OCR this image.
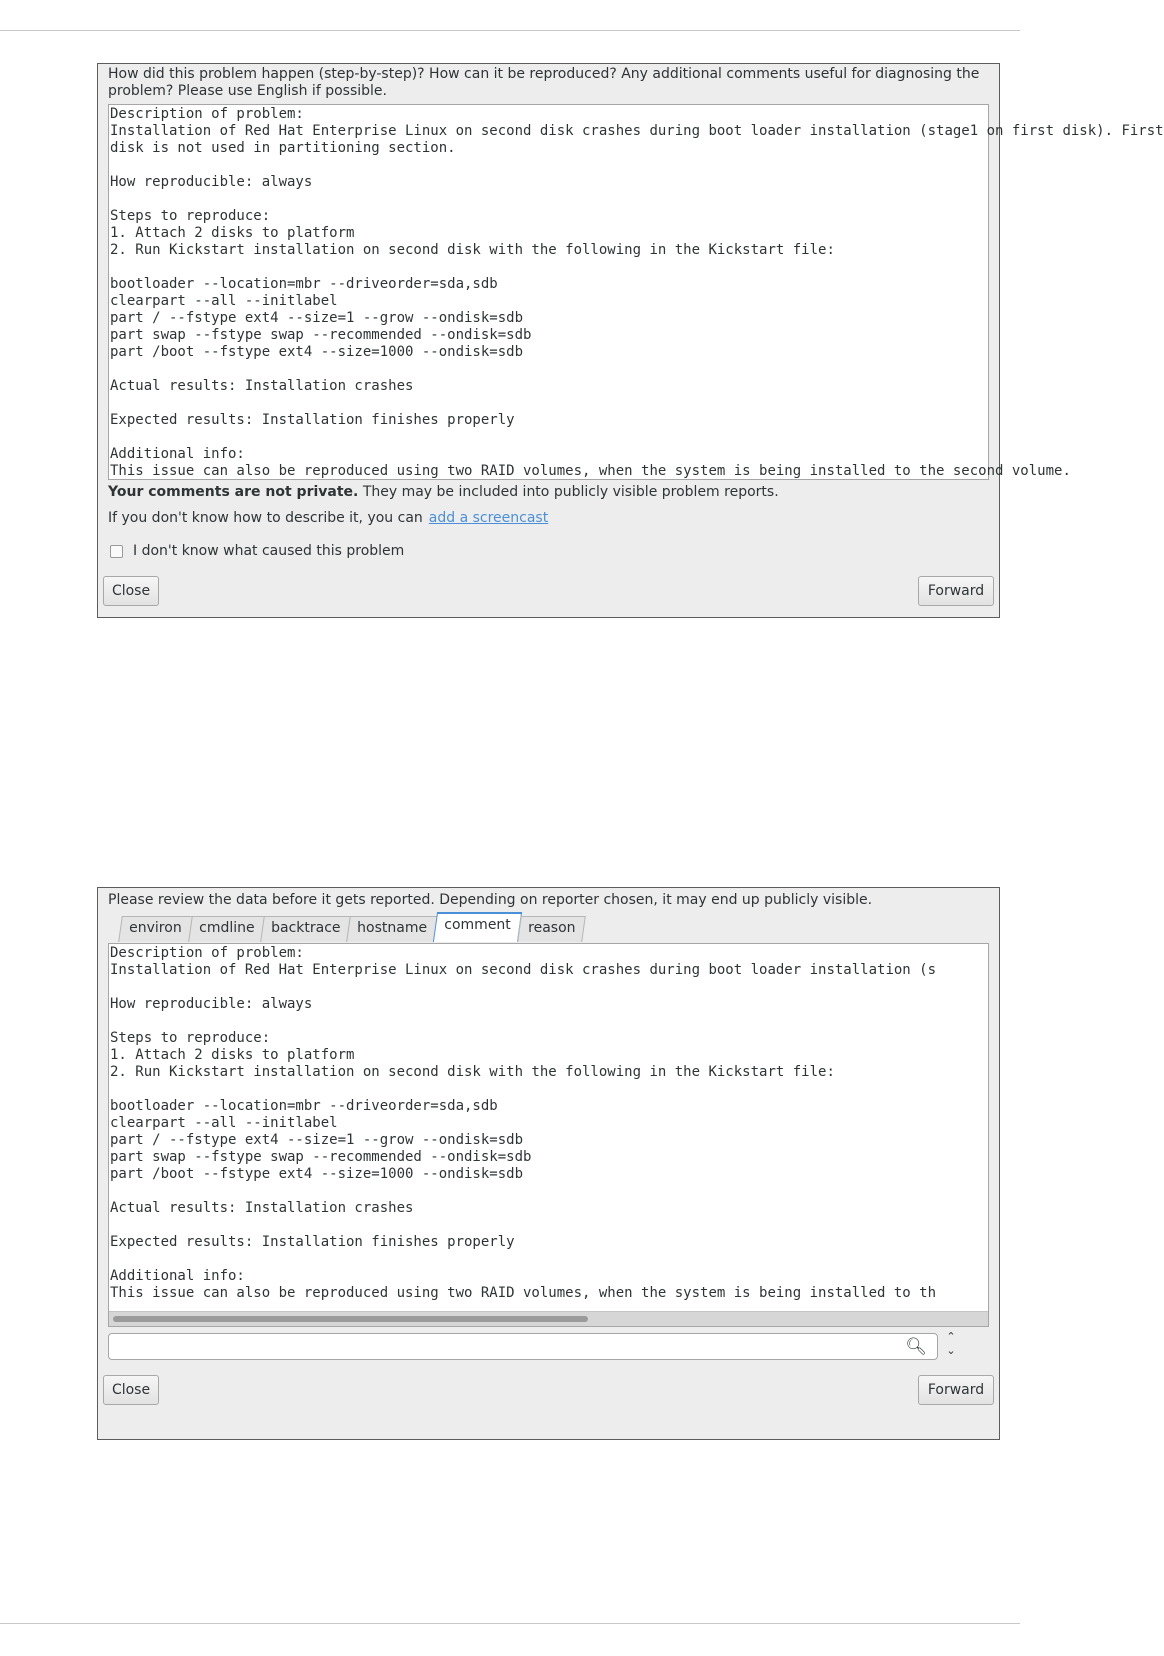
How did this problem happen (step-by-step)? How can it be reproduced? Any additional comments useful for diagnosing the problem? Please use English if possible.
Description of problem:
Installation of Red Hat Enterprise Linux on second disk crashes during boot loader installation (stage1 on first disk). First
disk is not used in partitioning section.

How reproducible: always

Steps to reproduce:
1. Attach 2 disks to platform
2. Run Kickstart installation on second disk with the following in the Kickstart file:

bootloader --location=mbr --driveorder=sda,sdb
clearpart --all --initlabel
part / --fstype ext4 --size=1 --grow --ondisk=sdb
part swap --fstype swap --recommended --ondisk=sdb
part /boot --fstype ext4 --size=1000 --ondisk=sdb

Actual results: Installation crashes

Expected results: Installation finishes properly

Additional info:
This issue can also be reproduced using two RAID volumes, when the system is being installed to the second volume.
Your comments are not private. They may be included into publicly visible problem reports.
If you don't know how to describe it, you can add a screencast
I don't know what caused this problem
Close	Forward
Please review the data before it gets reported. Depending on reporter chosen, it may end up publicly visible.
environ	cmdline	backtrace	hostname	comment	reason
Description of problem:
Installation of Red Hat Enterprise Linux on second disk crashes during boot loader installation (s

How reproducible: always

Steps to reproduce:
1. Attach 2 disks to platform
2. Run Kickstart installation on second disk with the following in the Kickstart file:

bootloader --location=mbr --driveorder=sda,sdb
clearpart --all --initlabel
part / --fstype ext4 --size=1 --grow --ondisk=sdb
part swap --fstype swap --recommended --ondisk=sdb
part /boot --fstype ext4 --size=1000 --ondisk=sdb

Actual results: Installation crashes

Expected results: Installation finishes properly

Additional info:
This issue can also be reproduced using two RAID volumes, when the system is being installed to th
🔍︎
⌃
⌄
Close	Forward
